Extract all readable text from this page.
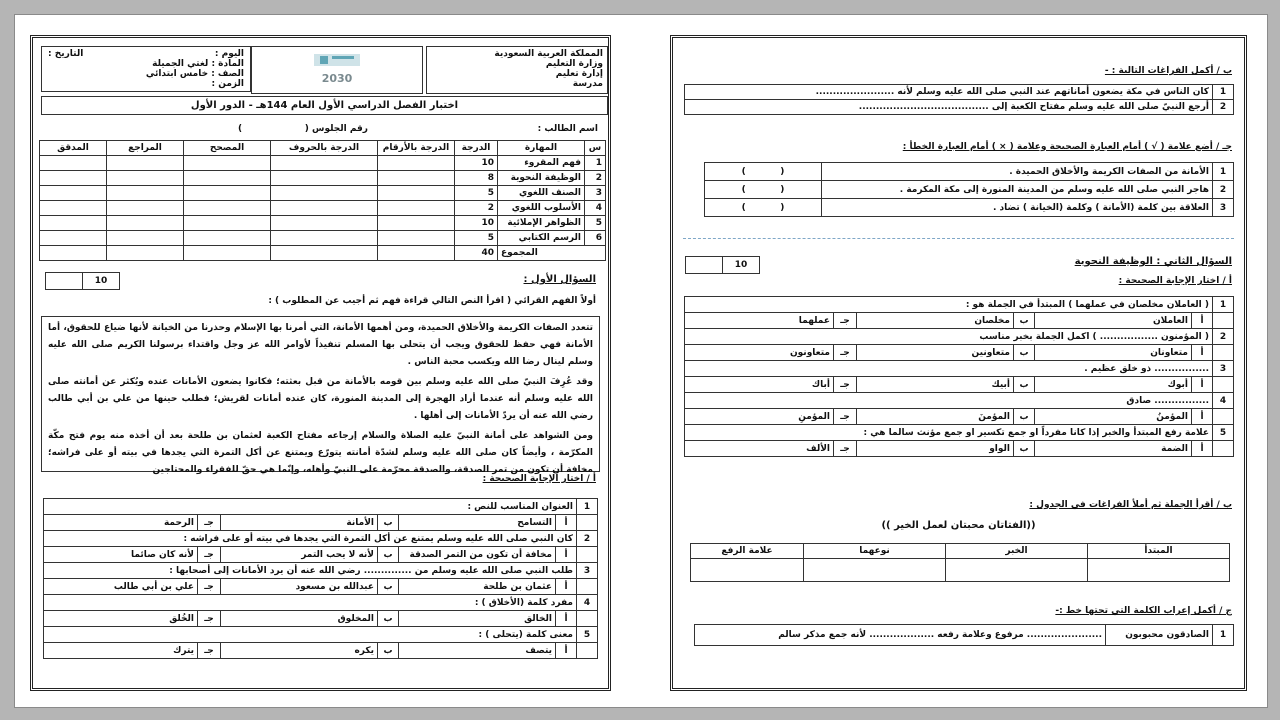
المملكة العربية السعودية
وزارة التعليم
إدارة تعليم
مدرسة
2030
اليوم :
التاريخ :
المادة : لغتي الجميلة
الصف : خامس ابتدائي
الزمن :
اختبار الفصل الدراسي الأول العام 144هـ - الدور الأول
اسم الطالب :
رقم الجلوس (                    )
س	المهارة	الدرجة	الدرجة بالأرقام	الدرجة بالحروف	المصحح	المراجع	المدقق
1	فهم المقروء	10					
2	الوظيفة النحوية	8					
3	الصنف اللغوي	5					
4	الأسلوب اللغوي	2					
5	الظواهر الإملائية	10					
6	الرسم الكتابي	5					
المجموع		40					
10	السؤال الأول :
أولاً الفهم القرائي ( اقرأ النص التالي قراءة فهم ثم أجيب عن المطلوب ) :

تتعدد الصفات الكريمة والأخلاق الحميدة، ومن أهمها الأمانة، التي أمرنا بها الإسلام وحذرنا من الخيانة لأنها ضياع للحقوق، أما الأمانة فهي حفظ للحقوق ويجب أن يتحلى بها المسلم تنفيذاً لأوامر الله عز وجل واقتداء برسولنا الكريم صلى الله عليه وسلم لينال رضا الله ويكسب محبة الناس .

وقد عُرِفَ النبيّ صلى الله عليه وسلم بين قومه بالأمانة من قبل بعثته؛ فكانوا يضعون الأمانات عنده ويُكثر عن أمانته صلى الله عليه وسلم أنه عندما أراد الهجرة إلى المدينة المنورة، كان عنده أمانات لقريش؛ فطلب حينها من علي بن أبي طالب رضي الله عنه أن يردّ الأمانات إلى أهلها .

ومن الشواهد على أمانة النبيّ عليه الصلاة والسلام إرجاعه مفتاح الكعبة لعثمان بن طلحة بعد أن أخذه منه يوم فتح مكّة المكرّمة ، وأيضاً كان صلى الله عليه وسلم لشدّة أمانته يتورّع ويمتنع عن أكل التمرة التي يجدها في بيته أو على فراشه؛ مخافة أن تكون من تمر الصدقة، والصدقة محرّمة على النبيّ وأهله، وإنّما هي حقّ للفقراء والمحتاجين

أ / اختار الإجابة الصحيحة :
1	العنوان المناسب للنص :					
	أ	التسامح	ب	الأمانة	جـ	الرحمة
2	كان النبي صلى الله عليه وسلم يمتنع عن أكل التمرة التي يجدها في بيته أو على فراشه :					
	أ	مخافة أن تكون من التمر الصدقة	ب	لأنه لا يحب التمر	جـ	لأنه كان صائما
3	طلب النبي صلى الله عليه وسلم من .............. رضي الله عنه أن يرد الأمانات إلى أصحابها :					
	أ	عثمان بن طلحة	ب	عبدالله بن مسعود	جـ	علي بن أبي طالب
4	مفرد كلمة (الأخلاق ) :					
	أ	الخالق	ب	المخلوق	جـ	الخُلق
5	معنى كلمة (يتحلى ) :					
	أ	يتصف	ب	يكره	جـ	يترك
ب / أكمل الفراغات التالية : -
1	كان الناس في مكة يضعون أماناتهم عند النبي صلى الله عليه وسلم لأنه .......................
2	أرجع النبيّ صلى الله عليه وسلم مفتاح الكعبة إلى ......................................
جـ / أضع علامة ( √ ) أمام العبارة الصحيحة وعلامة ( × ) أمام العبارة الخطأ :
1	الأمانة من الصفات الكريمة والأخلاق الحميدة .	(           )
2	هاجر النبي صلى الله عليه وسلم من المدينة المنورة إلى مكة المكرمة .	(           )
3	العلاقة بين كلمة (الأمانة ) وكلمة (الخيانة ) تضاد .	(           )
10	السؤال الثاني : الوظيفة النحوية
أ / اختار الإجابة الصحيحة :
1	( العاملان مخلصان في عملهما ) المبتدأ في الجملة هو :					
	أ	العاملان	ب	مخلصان	جـ	عملهما
2	( المؤمنون ................. ) اكمل الجملة بخبر مناسب					
	أ	متعاونان	ب	متعاونين	جـ	متعاونون
3	................ ذو خلق عظيم .					
	أ	أبوك	ب	أبيك	جـ	أباك
4	................ صادق					
	أ	المؤمنُ	ب	المؤمنَ	جـ	المؤمنِ
5	علامة رفع المبتدأ والخبر إذا كانا مفرداً او جمع تكسير او جمع مؤنث سالما هي :					
	أ	الضمة	ب	الواو	جـ	الألف
ب / أقرأ الجملة ثم أملأ الفراغات في الجدول :
((الفتاتان محبتان لعمل الخير ))
المبتدأ	الخبر	نوعهما	علامة الرفع

ج / أكمل إعراب الكلمة التي تحتها خط :-
1	الصادقون محبوبون	...................... مرفوع وعلامة رفعه ................... لأنه جمع مذكر سالم
